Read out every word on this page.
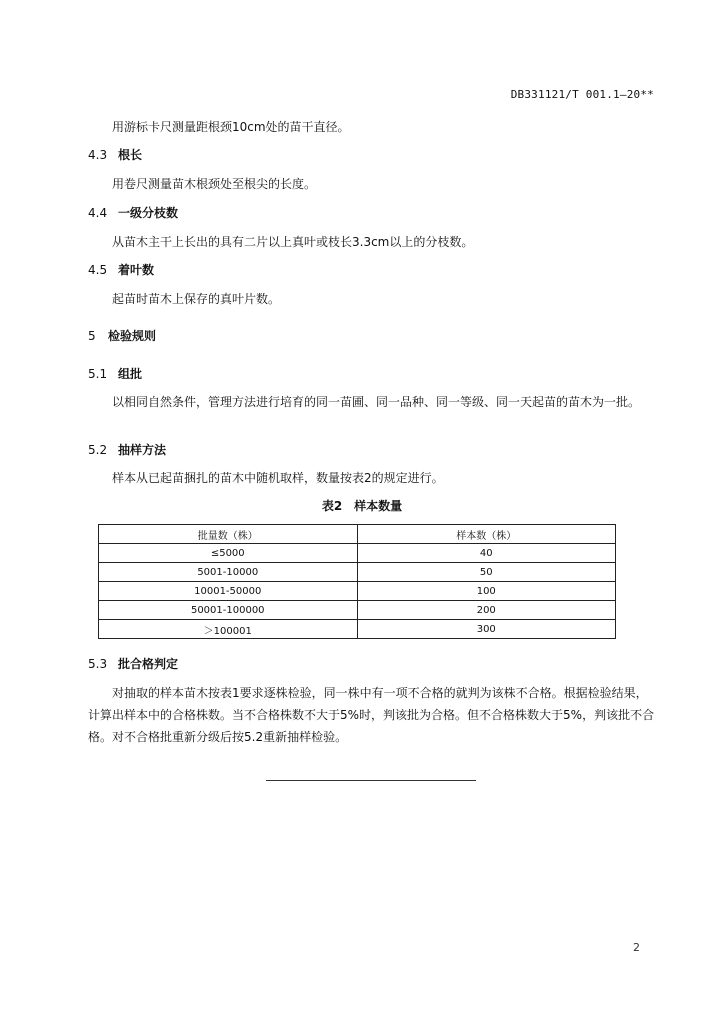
DB331121/T 001.1—20**
用游标卡尺测量距根颈10cm处的苗干直径。
4.3 根长
用卷尺测量苗木根颈处至根尖的长度。
4.4 一级分枝数
从苗木主干上长出的具有二片以上真叶或枝长3.3cm以上的分枝数。
4.5 着叶数
起苗时苗木上保存的真叶片数。
5 检验规则
5.1 组批
以相同自然条件，管理方法进行培育的同一苗圃、同一品种、同一等级、同一天起苗的苗木为一批。
5.2 抽样方法
样本从已起苗捆扎的苗木中随机取样，数量按表2的规定进行。
表2　样本数量
批量数（株）	样本数（株）
≤5000	40
5001-10000	50
10001-50000	100
50001-100000	200
＞100001	300
5.3 批合格判定
对抽取的样本苗木按表1要求逐株检验，同一株中有一项不合格的就判为该株不合格。根据检验结果，计算出样本中的合格株数。当不合格株数不大于5%时，判该批为合格。但不合格株数大于5%，判该批不合格。对不合格批重新分级后按5.2重新抽样检验。
2
